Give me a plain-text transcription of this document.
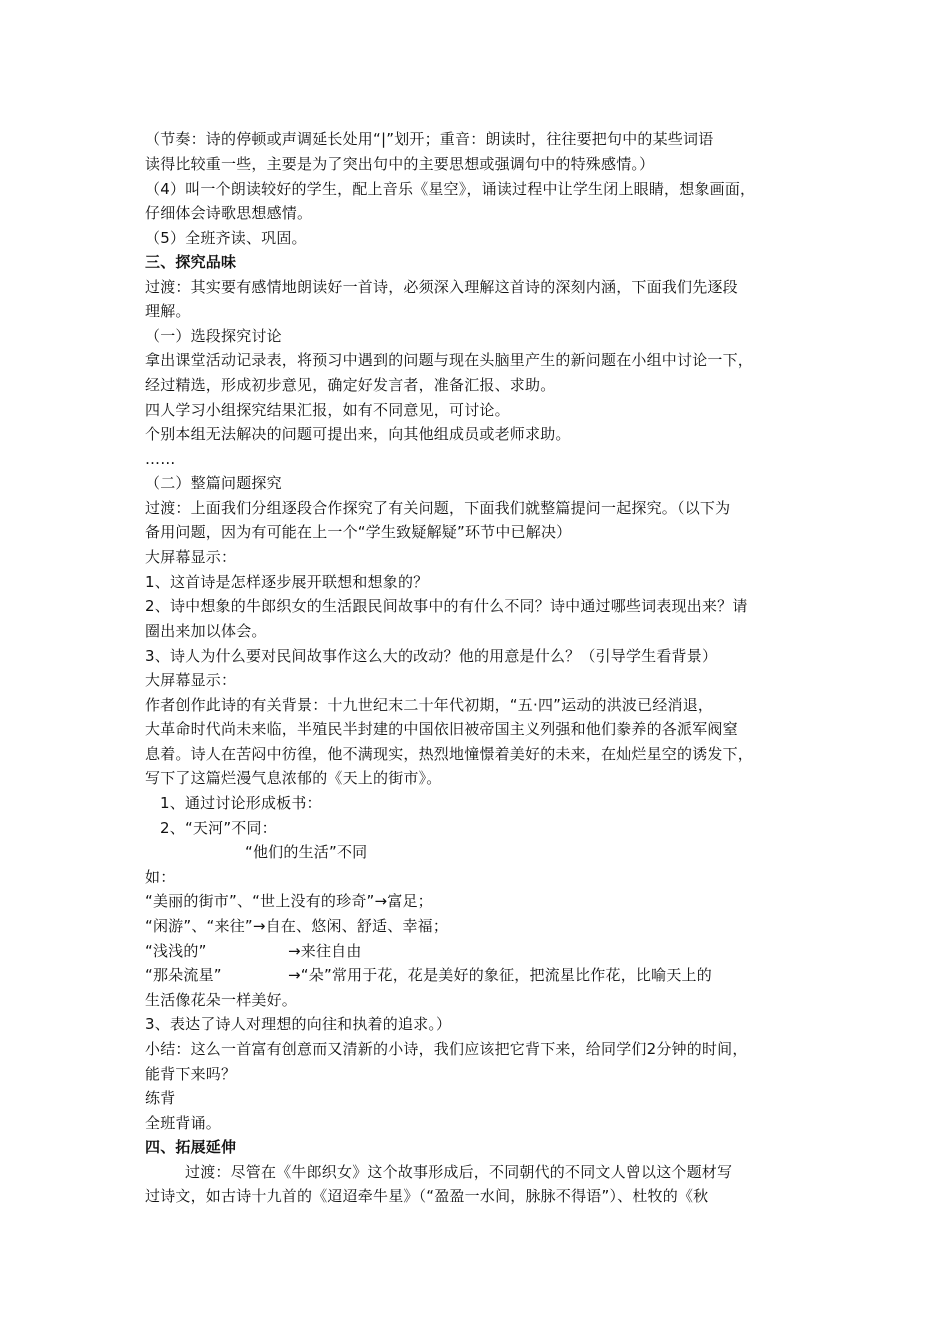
（节奏：诗的停顿或声调延长处用“|”划开；重音：朗读时，往往要把句中的某些词语
读得比较重一些，主要是为了突出句中的主要思想或强调句中的特殊感情。）
（4）叫一个朗读较好的学生，配上音乐《星空》，诵读过程中让学生闭上眼睛，想象画面，
仔细体会诗歌思想感情。
（5）全班齐读、巩固。
三、探究品味
过渡：其实要有感情地朗读好一首诗，必须深入理解这首诗的深刻内涵，下面我们先逐段
理解。
（一）选段探究讨论
拿出课堂活动记录表，将预习中遇到的问题与现在头脑里产生的新问题在小组中讨论一下，
经过精选，形成初步意见，确定好发言者，准备汇报、求助。
四人学习小组探究结果汇报，如有不同意见，可讨论。
个别本组无法解决的问题可提出来，向其他组成员或老师求助。
……
（二）整篇问题探究
过渡：上面我们分组逐段合作探究了有关问题，下面我们就整篇提问一起探究。（以下为
备用问题，因为有可能在上一个“学生致疑解疑”环节中已解决）
大屏幕显示：
1、这首诗是怎样逐步展开联想和想象的？
2、诗中想象的牛郎织女的生活跟民间故事中的有什么不同？诗中通过哪些词表现出来？请
圈出来加以体会。
3、诗人为什么要对民间故事作这么大的改动？他的用意是什么？（引导学生看背景）
大屏幕显示：
作者创作此诗的有关背景：十九世纪末二十年代初期，“五·四”运动的洪波已经消退，
大革命时代尚未来临，半殖民半封建的中国依旧被帝国主义列强和他们豢养的各派军阀窒
息着。诗人在苦闷中彷徨，他不满现实，热烈地憧憬着美好的未来，在灿烂星空的诱发下，
写下了这篇烂漫气息浓郁的《天上的街市》。
1、通过讨论形成板书：
2、“天河”不同：
“他们的生活”不同
如：
“美丽的街市”、“世上没有的珍奇”→富足；
“闲游”、“来往”→自在、悠闲、舒适、幸福；
“浅浅的”	→来往自由
“那朵流星”	→“朵”常用于花，花是美好的象征，把流星比作花，比喻天上的
生活像花朵一样美好。
3、表达了诗人对理想的向往和执着的追求。）
小结：这么一首富有创意而又清新的小诗，我们应该把它背下来，给同学们2分钟的时间，
能背下来吗？
练背
全班背诵。
四、拓展延伸
过渡：尽管在《牛郎织女》这个故事形成后，不同朝代的不同文人曾以这个题材写
过诗文，如古诗十九首的《迢迢牵牛星》（“盈盈一水间，脉脉不得语”）、杜牧的《秋
